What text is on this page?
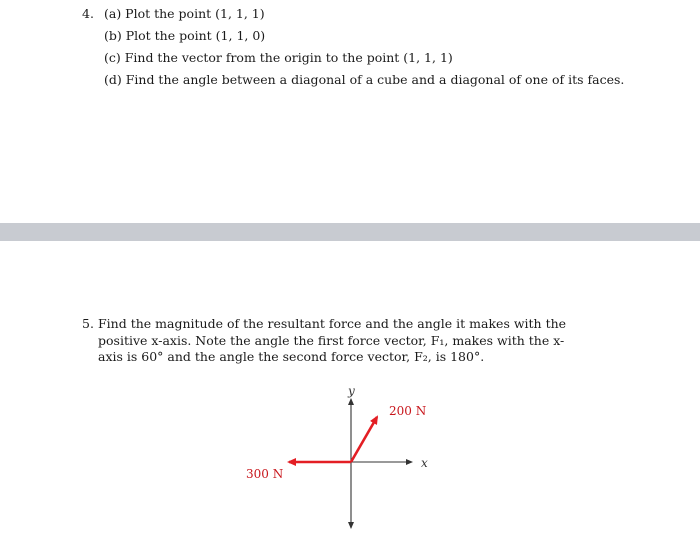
4. (a) Plot the point (1, 1, 1)
(b) Plot the point (1, 1, 0)
(c) Find the vector from the origin to the point (1, 1, 1)
(d) Find the angle between a diagonal of a cube and a diagonal of one of its faces.
5. Find the magnitude of the resultant force and the angle it makes with the positive x-axis. Note the angle the first force vector, F₁, makes with the x-axis is 60° and the angle the second force vector, F₂, is 180°.
y
x
200 N
300 N
